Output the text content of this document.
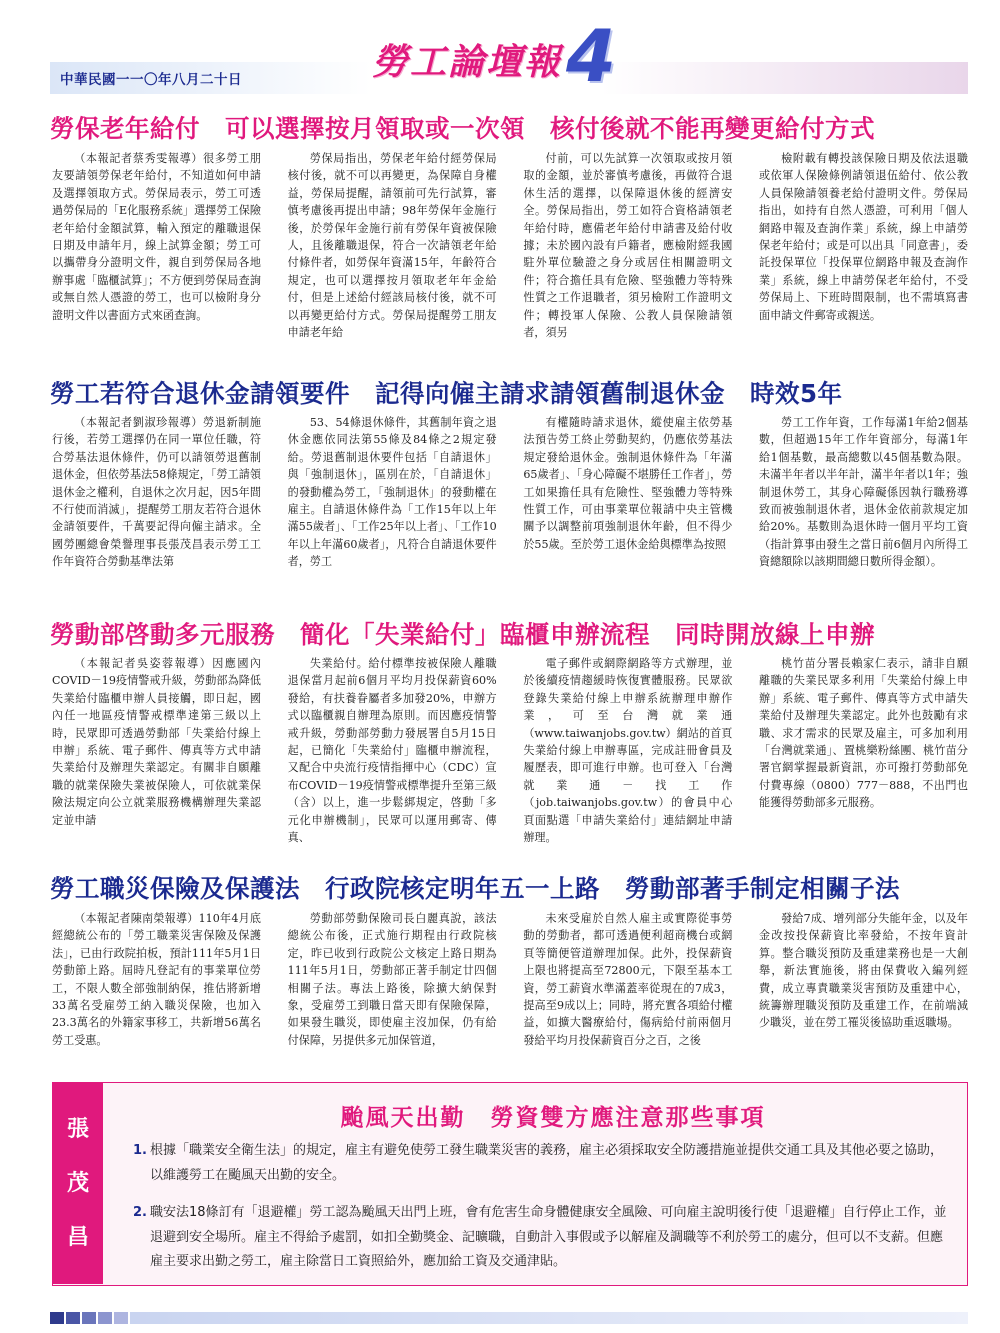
中華民國一一〇年八月二十日	勞工論壇報 4
勞保老年給付　可以選擇按月領取或一次領　核付後就不能再變更給付方式

（本報記者蔡秀雯報導）很多勞工朋友要請領勞保老年給付，不知道如何申請及選擇領取方式。勞保局表示，勞工可透過勞保局的「E化服務系統」選擇勞工保險老年給付金額試算，輸入預定的離職退保日期及申請年月，線上試算金額；勞工可以攜帶身分證明文件，親自到勞保局各地辦事處「臨櫃試算」；不方便到勞保局查詢或無自然人憑證的勞工，也可以檢附身分證明文件以書面方式來函查詢。

勞保局指出，勞保老年給付經勞保局核付後，就不可以再變更，為保障自身權益，勞保局提醒，請領前可先行試算，審慎考慮後再提出申請；98年勞保年金施行後，於勞保年金施行前有勞保年資被保險人，且後離職退保，符合一次請領老年給付條件者，如勞保年資滿15年，年齡符合規定，也可以選擇按月領取老年年金給付，但是上述給付經該局核付後，就不可以再變更給付方式。勞保局提醒勞工朋友申請老年給

付前，可以先試算一次領取或按月領取的金額，並於審慎考慮後，再做符合退休生活的選擇，以保障退休後的經濟安全。勞保局指出，勞工如符合資格請領老年給付時，應備老年給付申請書及給付收據；未於國內設有戶籍者，應檢附經我國駐外單位驗證之身分或居住相關證明文件；符合擔任具有危險、堅強體力等特殊性質之工作退職者，須另檢附工作證明文件；轉投軍人保險、公教人員保險請領者，須另

檢附載有轉投該保險日期及依法退職或依軍人保險條例請領退伍給付、依公教人員保險請領養老給付證明文件。勞保局指出，如持有自然人憑證，可利用「個人網路申報及查詢作業」系統，線上申請勞保老年給付；或是可以出具「同意書」，委託投保單位「投保單位網路申報及查詢作業」系統，線上申請勞保老年給付，不受勞保局上、下班時間限制，也不需填寫書面申請文件郵寄或親送。

勞工若符合退休金請領要件　記得向僱主請求請領舊制退休金　時效5年

（本報記者劉淑珍報導）勞退新制施行後，若勞工選擇仍在同一單位任職，符合勞基法退休條件，仍可以請領勞退舊制退休金，但依勞基法58條規定，「勞工請領退休金之權利，自退休之次月起，因5年間不行使而消滅」，提醒勞工朋友若符合退休金請領要件，千萬要記得向僱主請求。全國勞團總會榮譽理事長張茂昌表示勞工工作年資符合勞動基準法第

53、54條退休條件，其舊制年資之退休金應依同法第55條及84條之2規定發給。勞退舊制退休要件包括「自請退休」與「強制退休」，區別在於，「自請退休」的發動權為勞工，「強制退休」的發動權在雇主。自請退休條件為「工作15年以上年滿55歲者」、「工作25年以上者」、「工作10年以上年滿60歲者」，凡符合自請退休要件者，勞工

有權隨時請求退休，縱使雇主依勞基法預告勞工終止勞動契約，仍應依勞基法規定發給退休金。強制退休條件為「年滿65歲者」、「身心障礙不堪勝任工作者」，勞工如果擔任具有危險性、堅強體力等特殊性質工作，可由事業單位報請中央主管機關予以調整前項強制退休年齡，但不得少於55歲。至於勞工退休金給與標準為按照

勞工工作年資，工作每滿1年給2個基數，但超過15年工作年資部分，每滿1年給1個基數，最高總數以45個基數為限。未滿半年者以半年計，滿半年者以1年；強制退休勞工，其身心障礙係因執行職務導致而被強制退休者，退休金依前款規定加給20%。基數則為退休時一個月平均工資（指計算事由發生之當日前6個月內所得工資總額除以該期間總日數所得金額）。

勞動部啓動多元服務　簡化「失業給付」臨櫃申辦流程　同時開放線上申辦

（本報記者吳姿蓉報導）因應國內COVID－19疫情警戒升級，勞動部為降低失業給付臨櫃申辦人員接觸，即日起，國內任一地區疫情警戒標準達第三級以上時，民眾即可透過勞動部「失業給付線上申辦」系統、電子郵件、傳真等方式申請失業給付及辦理失業認定。有關非自願離職的就業保險失業被保險人，可依就業保險法規定向公立就業服務機構辦理失業認定並申請

失業給付。給付標準按被保險人離職退保當月起前6個月平均月投保薪資60%發給，有扶養眷屬者多加發20%，申辦方式以臨櫃親自辦理為原則。而因應疫情警戒升級，勞動部勞動力發展署自5月15日起，已簡化「失業給付」臨櫃申辦流程，又配合中央流行疫情指揮中心（CDC）宣布COVID－19疫情警戒標準提升至第三級（含）以上，進一步鬆綁規定，啓動「多元化申辦機制」，民眾可以運用郵寄、傳真、

電子郵件或網際網路等方式辦理，並於後續疫情趨緩時恢復實體服務。民眾欲登錄失業給付線上申辦系統辦理申辦作業，可至台灣就業通（www.taiwanjobs.gov.tw）網站的首頁失業給付線上申辦專區，完成註冊會員及履歷表，即可進行申辦。也可登入「台灣就業通－找工作（job.taiwanjobs.gov.tw）的會員中心頁面點選「申請失業給付」連結網址申請辦理。

桃竹苗分署長賴家仁表示，請非自願離職的失業民眾多利用「失業給付線上申辦」系統、電子郵件、傳真等方式申請失業給付及辦理失業認定。此外也鼓勵有求職、求才需求的民眾及雇主，可多加利用「台灣就業通」、置桃樂粉絲團、桃竹苗分署官網掌握最新資訊，亦可撥打勞動部免付費專線（0800）777－888，不出門也能獲得勞動部多元服務。

勞工職災保險及保護法　行政院核定明年五一上路　勞動部著手制定相關子法

（本報記者陳南榮報導）110年4月底經總統公布的「勞工職業災害保險及保護法」，已由行政院拍板，預計111年5月1日勞動節上路。屆時凡登記有的事業單位勞工，不限人數全部強制納保，推估將新增33萬名受雇勞工納入職災保險，也加入23.3萬名的外籍家事移工，共新增56萬名勞工受惠。

勞動部勞動保險司長白麗真說，該法總統公布後，正式施行期程由行政院核定，昨已收到行政院公文核定上路日期為111年5月1日，勞動部正著手制定廿四個相關子法。專法上路後，除擴大納保對象，受雇勞工到職日當天即有保險保障，如果發生職災，即使雇主沒加保，仍有給付保障，另提供多元加保管道，

未來受雇於自然人雇主或實際從事勞動的勞動者，都可透過便利超商機台或網頁等簡便管道辦理加保。此外，投保薪資上限也將提高至72800元，下限至基本工資，勞工薪資水準滿蓋率從現在的7成3，提高至9成以上；同時，將充實各項給付權益，如擴大醫療給付，傷病給付前兩個月發給平均月投保薪資百分之百，之後

發給7成、增列部分失能年金，以及年金改按投保薪資比率發給，不按年資計算。整合職災預防及重建業務也是一大創舉，新法實施後，將由保費收入編列經費，成立專責職業災害預防及重建中心，統籌辦理職災預防及重建工作，在前端減少職災，並在勞工罹災後協助重返職場。

張
茂
昌
颱風天出勤　勞資雙方應注意那些事項
1. 根據「職業安全衛生法」的規定，雇主有避免使勞工發生職業災害的義務，雇主必須採取安全防護措施並提供交通工具及其他必要之協助，以維護勞工在颱風天出勤的安全。
2. 職安法18條訂有「退避權」勞工認為颱風天出門上班，會有危害生命身體健康安全風險、可向雇主說明後行使「退避權」自行停止工作，並退避到安全場所。雇主不得給予處罰，如扣全勤獎金、記曠職，自動計入事假或予以解雇及調職等不利於勞工的處分，但可以不支薪。但應雇主要求出勤之勞工，雇主除當日工資照給外，應加給工資及交通津貼。
